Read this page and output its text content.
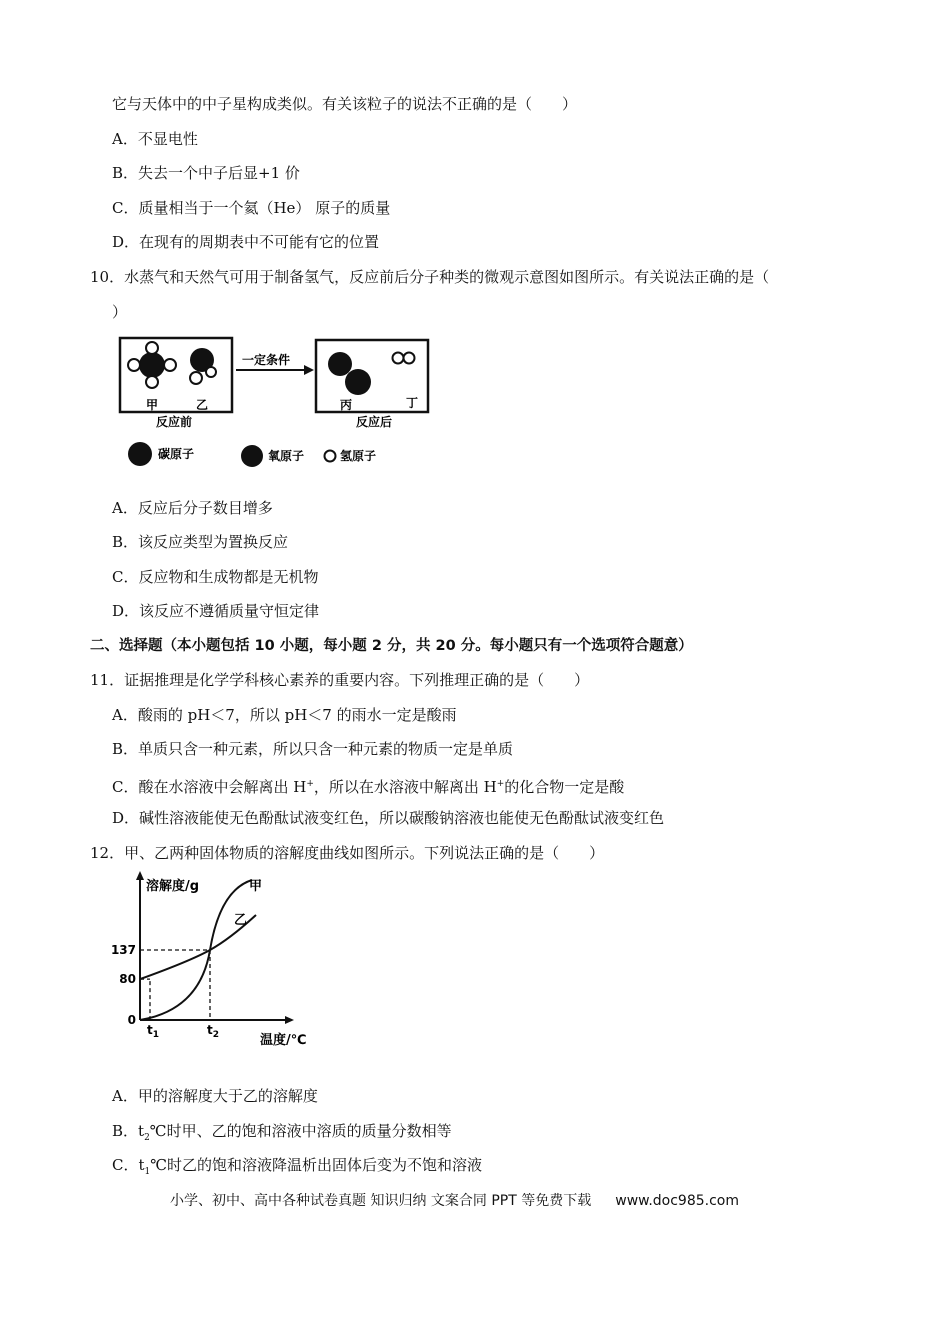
它与天体中的中子星构成类似。有关该粒子的说法不正确的是（　　）
A．不显电性
B．失去一个中子后显+1 价
C．质量相当于一个氦（He） 原子的质量
D．在现有的周期表中不可能有它的位置
10．水蒸气和天然气可用于制备氢气，反应前后分子种类的微观示意图如图所示。有关说法正确的是（
）
甲	乙
反应前
一定条件
丙	丁
反应后
碳原子	氧原子	氢原子
A．反应后分子数目增多
B．该反应类型为置换反应
C．反应物和生成物都是无机物
D．该反应不遵循质量守恒定律
二、选择题（本小题包括 10 小题，每小题 2 分，共 20 分。每小题只有一个选项符合题意）
11．证据推理是化学学科核心素养的重要内容。下列推理正确的是（　　）
A．酸雨的 pH＜7，所以 pH＜7 的雨水一定是酸雨
B．单质只含一种元素，所以只含一种元素的物质一定是单质
C．酸在水溶液中会解离出 H+，所以在水溶液中解离出 H+的化合物一定是酸
D．碱性溶液能使无色酚酞试液变红色，所以碳酸钠溶液也能使无色酚酞试液变红色
12．甲、乙两种固体物质的溶解度曲线如图所示。下列说法正确的是（　　）
溶解度/g
温度/℃
137
80
0
$t_1$	$t_2$
甲
乙
A．甲的溶解度大于乙的溶解度
B．$t_2℃$时甲、乙的饱和溶液中溶质的质量分数相等
C．$t_1℃$时乙的饱和溶液降温析出固体后变为不饱和溶液
小学、初中、高中各种试卷真题 知识归纳 文案合同 PPT 等免费下载 www.doc985.com
